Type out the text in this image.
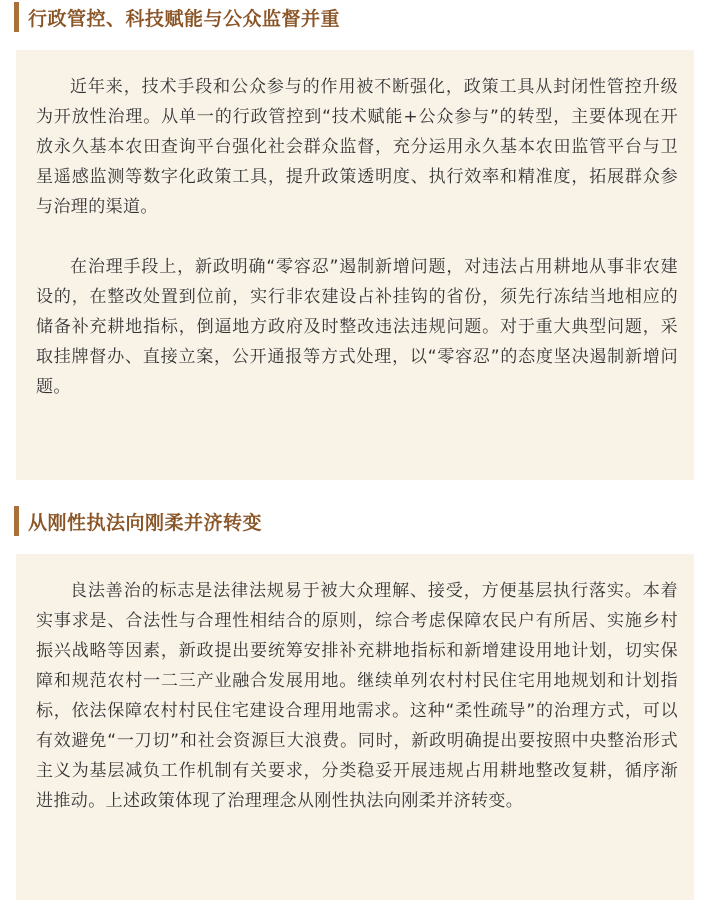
行政管控、科技赋能与公众监督并重

近年来，技术手段和公众参与的作用被不断强化，政策工具从封闭性管控升级为开放性治理。从单一的行政管控到“技术赋能+公众参与”的转型，主要体现在开放永久基本农田查询平台强化社会群众监督，充分运用永久基本农田监管平台与卫星遥感监测等数字化政策工具，提升政策透明度、执行效率和精准度，拓展群众参与治理的渠道。

在治理手段上，新政明确“零容忍”遏制新增问题，对违法占用耕地从事非农建设的，在整改处置到位前，实行非农建设占补挂钩的省份，须先行冻结当地相应的储备补充耕地指标，倒逼地方政府及时整改违法违规问题。对于重大典型问题，采取挂牌督办、直接立案，公开通报等方式处理，以“零容忍”的态度坚决遏制新增问题。

从刚性执法向刚柔并济转变

良法善治的标志是法律法规易于被大众理解、接受，方便基层执行落实。本着实事求是、合法性与合理性相结合的原则，综合考虑保障农民户有所居、实施乡村振兴战略等因素，新政提出要统筹安排补充耕地指标和新增建设用地计划，切实保障和规范农村一二三产业融合发展用地。继续单列农村村民住宅用地规划和计划指标，依法保障农村村民住宅建设合理用地需求。这种“柔性疏导”的治理方式，可以有效避免“一刀切”和社会资源巨大浪费。同时，新政明确提出要按照中央整治形式主义为基层减负工作机制有关要求，分类稳妥开展违规占用耕地整改复耕，循序渐进推动。上述政策体现了治理理念从刚性执法向刚柔并济转变。
